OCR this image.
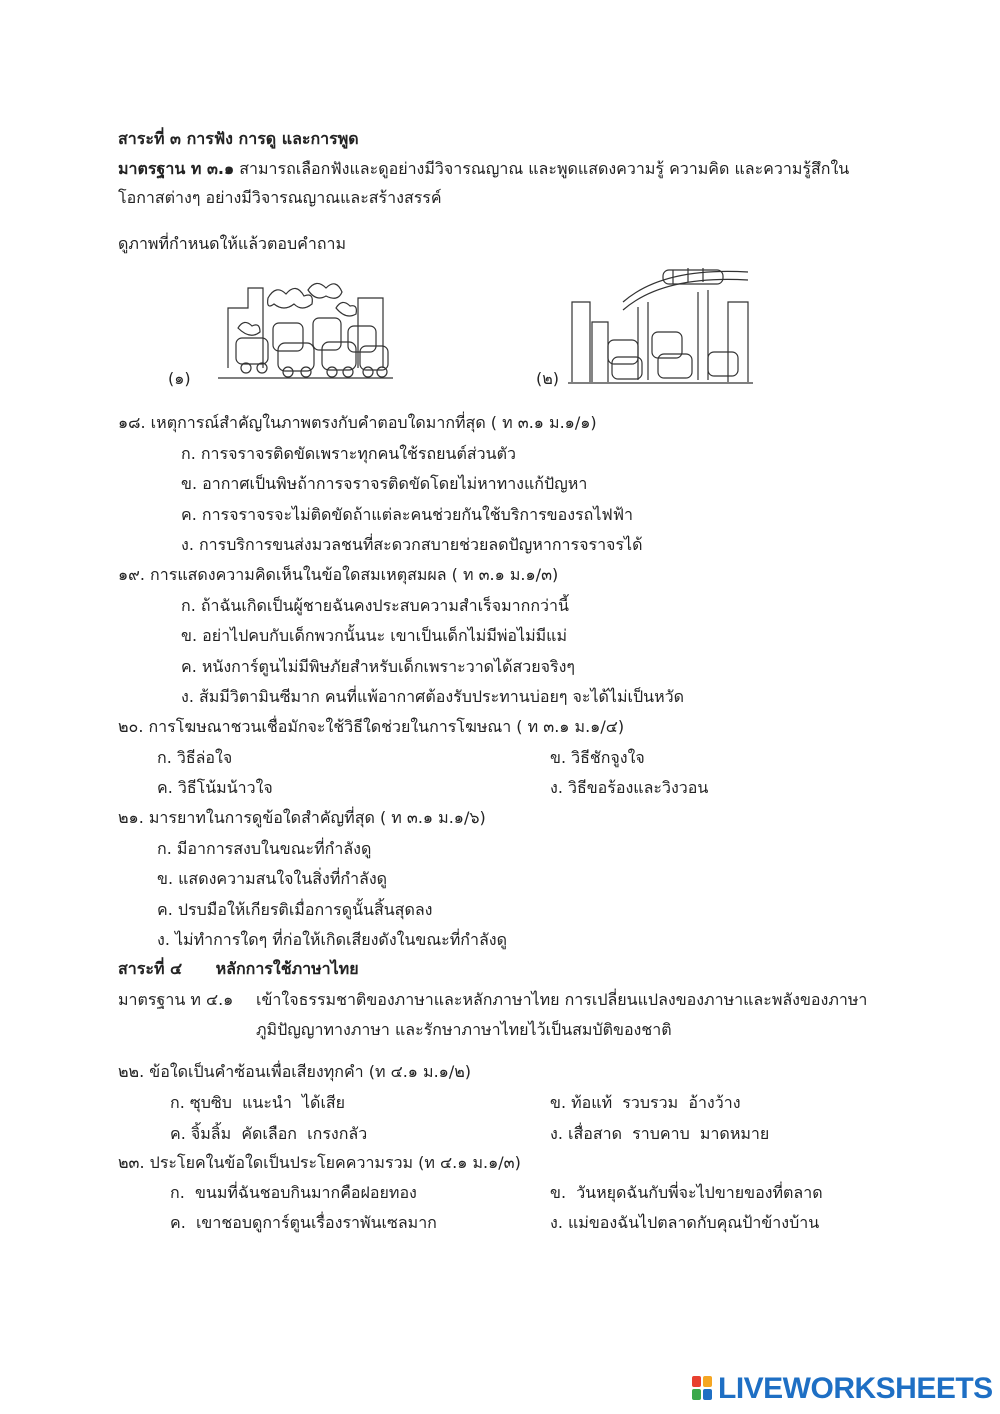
สาระที่ ๓ การฟัง การดู และการพูด
มาตรฐาน ท ๓.๑ สามารถเลือกฟังและดูอย่างมีวิจารณญาณ และพูดแสดงความรู้ ความคิด และความรู้สึกใน
โอกาสต่างๆ อย่างมีวิจารณญาณและสร้างสรรค์
ดูภาพที่กำหนดให้แล้วตอบคำถาม
(๑)	(๒)
๑๘. เหตุการณ์สำคัญในภาพตรงกับคำตอบใดมากที่สุด ( ท ๓.๑ ม.๑/๑)
ก. การจราจรติดขัดเพราะทุกคนใช้รถยนต์ส่วนตัว
ข. อากาศเป็นพิษถ้าการจราจรติดขัดโดยไม่หาทางแก้ปัญหา
ค. การจราจรจะไม่ติดขัดถ้าแต่ละคนช่วยกันใช้บริการของรถไฟฟ้า
ง. การบริการขนส่งมวลชนที่สะดวกสบายช่วยลดปัญหาการจราจรได้
๑๙. การแสดงความคิดเห็นในข้อใดสมเหตุสมผล ( ท ๓.๑ ม.๑/๓)
ก. ถ้าฉันเกิดเป็นผู้ชายฉันคงประสบความสำเร็จมากกว่านี้
ข. อย่าไปคบกับเด็กพวกนั้นนะ เขาเป็นเด็กไม่มีพ่อไม่มีแม่
ค. หนังการ์ตูนไม่มีพิษภัยสำหรับเด็กเพราะวาดได้สวยจริงๆ
ง. ส้มมีวิตามินซีมาก คนที่แพ้อากาศต้องรับประทานบ่อยๆ จะได้ไม่เป็นหวัด
๒๐. การโฆษณาชวนเชื่อมักจะใช้วิธีใดช่วยในการโฆษณา ( ท ๓.๑ ม.๑/๔)
ก. วิธีล่อใจ	ข. วิธีชักจูงใจ
ค. วิธีโน้มน้าวใจ	ง. วิธีขอร้องและวิงวอน
๒๑. มารยาทในการดูข้อใดสำคัญที่สุด ( ท ๓.๑ ม.๑/๖)
ก. มีอาการสงบในขณะที่กำลังดู
ข. แสดงความสนใจในสิ่งที่กำลังดู
ค. ปรบมือให้เกียรติเมื่อการดูนั้นสิ้นสุดลง
ง. ไม่ทำการใดๆ ที่ก่อให้เกิดเสียงดังในขณะที่กำลังดู
สาระที่ ๔      หลักการใช้ภาษาไทย
มาตรฐาน ท ๔.๑ เข้าใจธรรมชาติของภาษาและหลักภาษาไทย การเปลี่ยนแปลงของภาษาและพลังของภาษา
ภูมิปัญญาทางภาษา และรักษาภาษาไทยไว้เป็นสมบัติของชาติ
๒๒. ข้อใดเป็นคำซ้อนเพื่อเสียงทุกคำ (ท ๔.๑ ม.๑/๒)
ก. ซุบซิบ  แนะนำ  ได้เสีย	ข. ท้อแท้  รวบรวม  อ้างว้าง
ค. จิ้มลิ้ม  คัดเลือก  เกรงกลัว	ง. เสื่อสาด  ราบคาบ  มาดหมาย
๒๓. ประโยคในข้อใดเป็นประโยคความรวม (ท ๔.๑ ม.๑/๓)
ก.  ขนมที่ฉันชอบกินมากคือฝอยทอง	ข.  วันหยุดฉันกับพี่จะไปขายของที่ตลาด
ค.  เขาชอบดูการ์ตูนเรื่องราพันเซลมาก	ง. แม่ของฉันไปตลาดกับคุณป้าข้างบ้าน
LIVEWORKSHEETS
